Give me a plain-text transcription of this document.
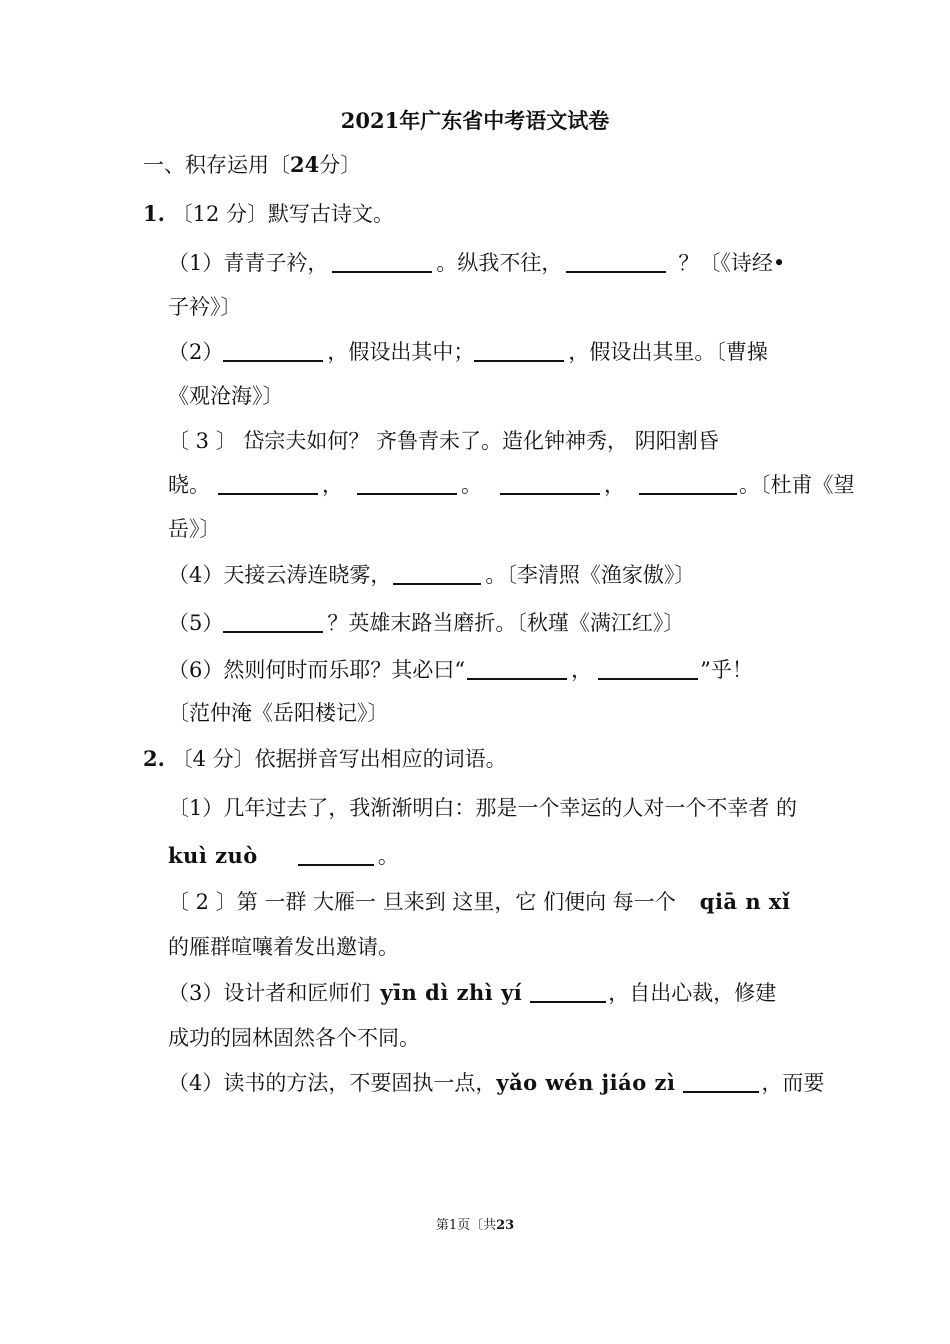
2021年广东省中考语文试卷
一、积存运用〔24分〕
1. 〔12 分〕默写古诗文。
（1）青青子衿，	。纵我不往，	？〔《诗经•
子衿》〕
（2）	，假设出其中；	，假设出其里。〔曹操
《观沧海》〕
〔 3 〕 岱宗夫如何？ 齐鲁青未了。造化钟神秀， 阴阳割昏
晓。	，	。	，	。〔杜甫《望
岳》〕
（4）天接云涛连晓雾，	。〔李清照《渔家傲》〕
（5）	？英雄末路当磨折。〔秋瑾《满江红》〕
（6）然则何时而乐耶？其必曰“	，	”乎！
〔范仲淹《岳阳楼记》〕
2. 〔4 分〕依据拼音写出相应的词语。
〔1）几年过去了，我渐渐明白：那是一个幸运的人对一个不幸者 的
kuì zuò	。
〔 2 〕第 一群 大雁一 旦来到 这里，它 们便向 每一个 qiā n xǐ
的雁群喧嚷着发出邀请。
（3）设计者和匠师们 yīn dì zhì yí	，自出心裁，修建
成功的园林固然各个不同。
（4）读书的方法，不要固执一点，yǎo wén jiáo zì	，而要
第1页〔共23
